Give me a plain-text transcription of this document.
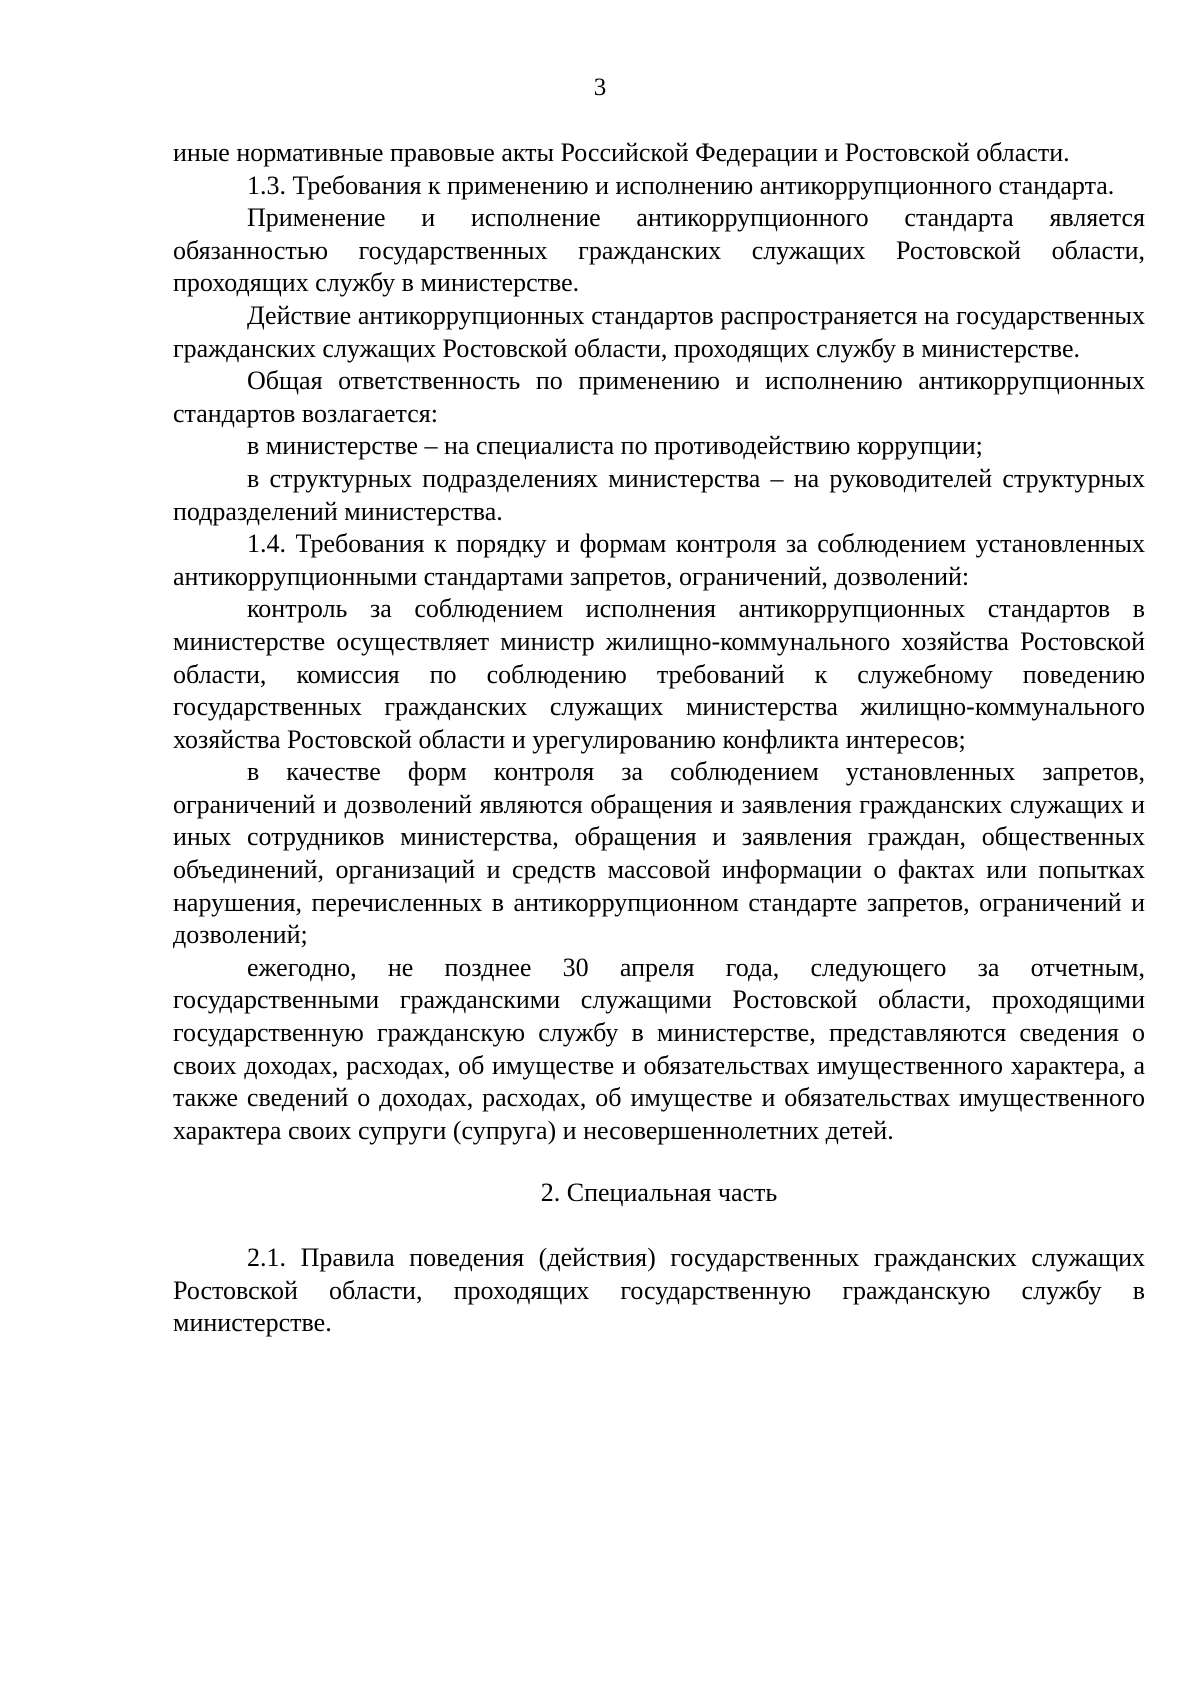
3

иные нормативные правовые акты Российской Федерации и Ростовской области.

1.3. Требования к применению и исполнению антикоррупционного стандарта.

Применение и исполнение антикоррупционного стандарта является обязанностью государственных гражданских служащих Ростовской области, проходящих службу в министерстве.

Действие антикоррупционных стандартов распространяется на государственных гражданских служащих Ростовской области, проходящих службу в министерстве.

Общая ответственность по применению и исполнению антикоррупционных стандартов возлагается:

в министерстве – на специалиста по противодействию коррупции;

в структурных подразделениях министерства – на руководителей структурных подразделений министерства.

1.4. Требования к порядку и формам контроля за соблюдением установленных антикоррупционными стандартами запретов, ограничений, дозволений:

контроль за соблюдением исполнения антикоррупционных стандартов в министерстве осуществляет министр жилищно-коммунального хозяйства Ростовской области, комиссия по соблюдению требований к служебному поведению государственных гражданских служащих министерства жилищно-коммунального хозяйства Ростовской области и урегулированию конфликта интересов;

в качестве форм контроля за соблюдением установленных запретов, ограничений и дозволений являются обращения и заявления гражданских служащих и иных сотрудников министерства, обращения и заявления граждан, общественных объединений, организаций и средств массовой информации о фактах или попытках нарушения, перечисленных в антикоррупционном стандарте запретов, ограничений и дозволений;

ежегодно, не позднее 30 апреля года, следующего за отчетным, государственными гражданскими служащими Ростовской области, проходящими государственную гражданскую службу в министерстве, представляются сведения о своих доходах, расходах, об имуществе и обязательствах имущественного характера, а также сведений о доходах, расходах, об имуществе и обязательствах имущественного характера своих супруги (супруга) и несовершеннолетних детей.

2. Специальная часть

2.1. Правила поведения (действия) государственных гражданских служащих Ростовской области, проходящих государственную гражданскую службу в министерстве.
